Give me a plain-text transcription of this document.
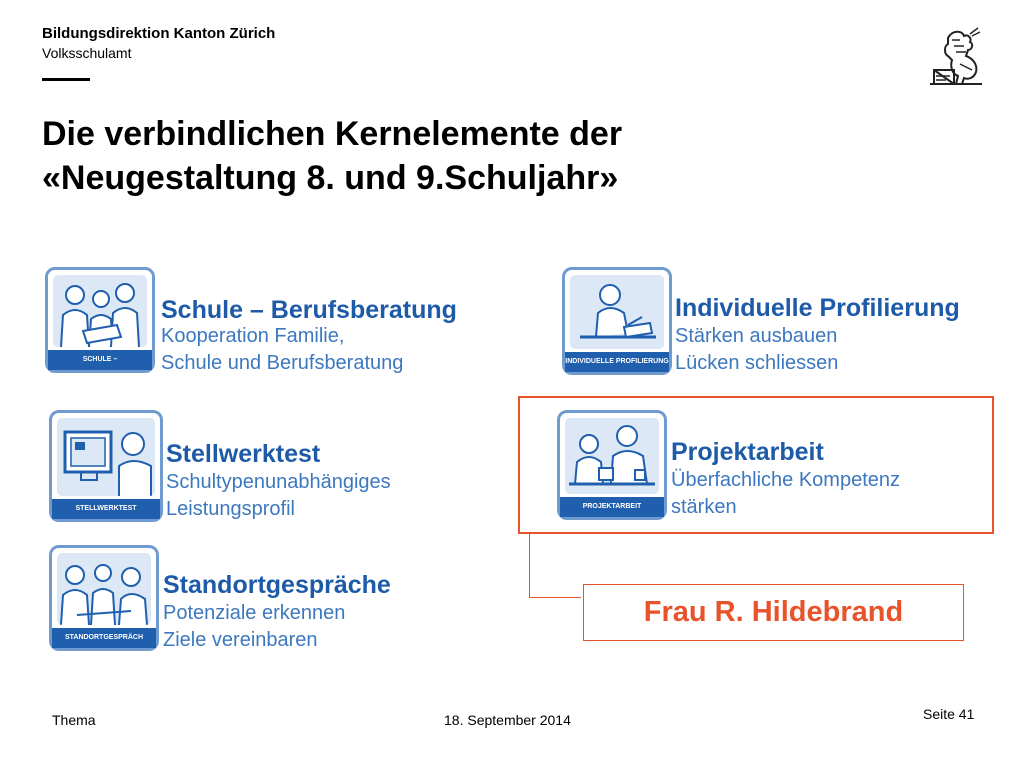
Bildungsdirektion Kanton Zürich
Volksschulamt
Die verbindlichen Kernelemente der
«Neugestaltung 8. und 9.Schuljahr»
SCHULE – BERUFSBERATUNG
Schule – Berufsberatung
Kooperation Familie,
Schule und Berufsberatung
STELLWERKTEST
Stellwerktest
Schultypenunabhängiges
Leistungsprofil
STANDORTGESPRÄCH
Standortgespräche
Potenziale erkennen
Ziele vereinbaren
INDIVIDUELLE PROFILIERUNG
Individuelle Profilierung
Stärken ausbauen
Lücken schliessen
PROJEKTARBEIT
Projektarbeit
Überfachliche Kompetenz
stärken
Frau R. Hildebrand
Thema	18. September 2014	Seite 41
